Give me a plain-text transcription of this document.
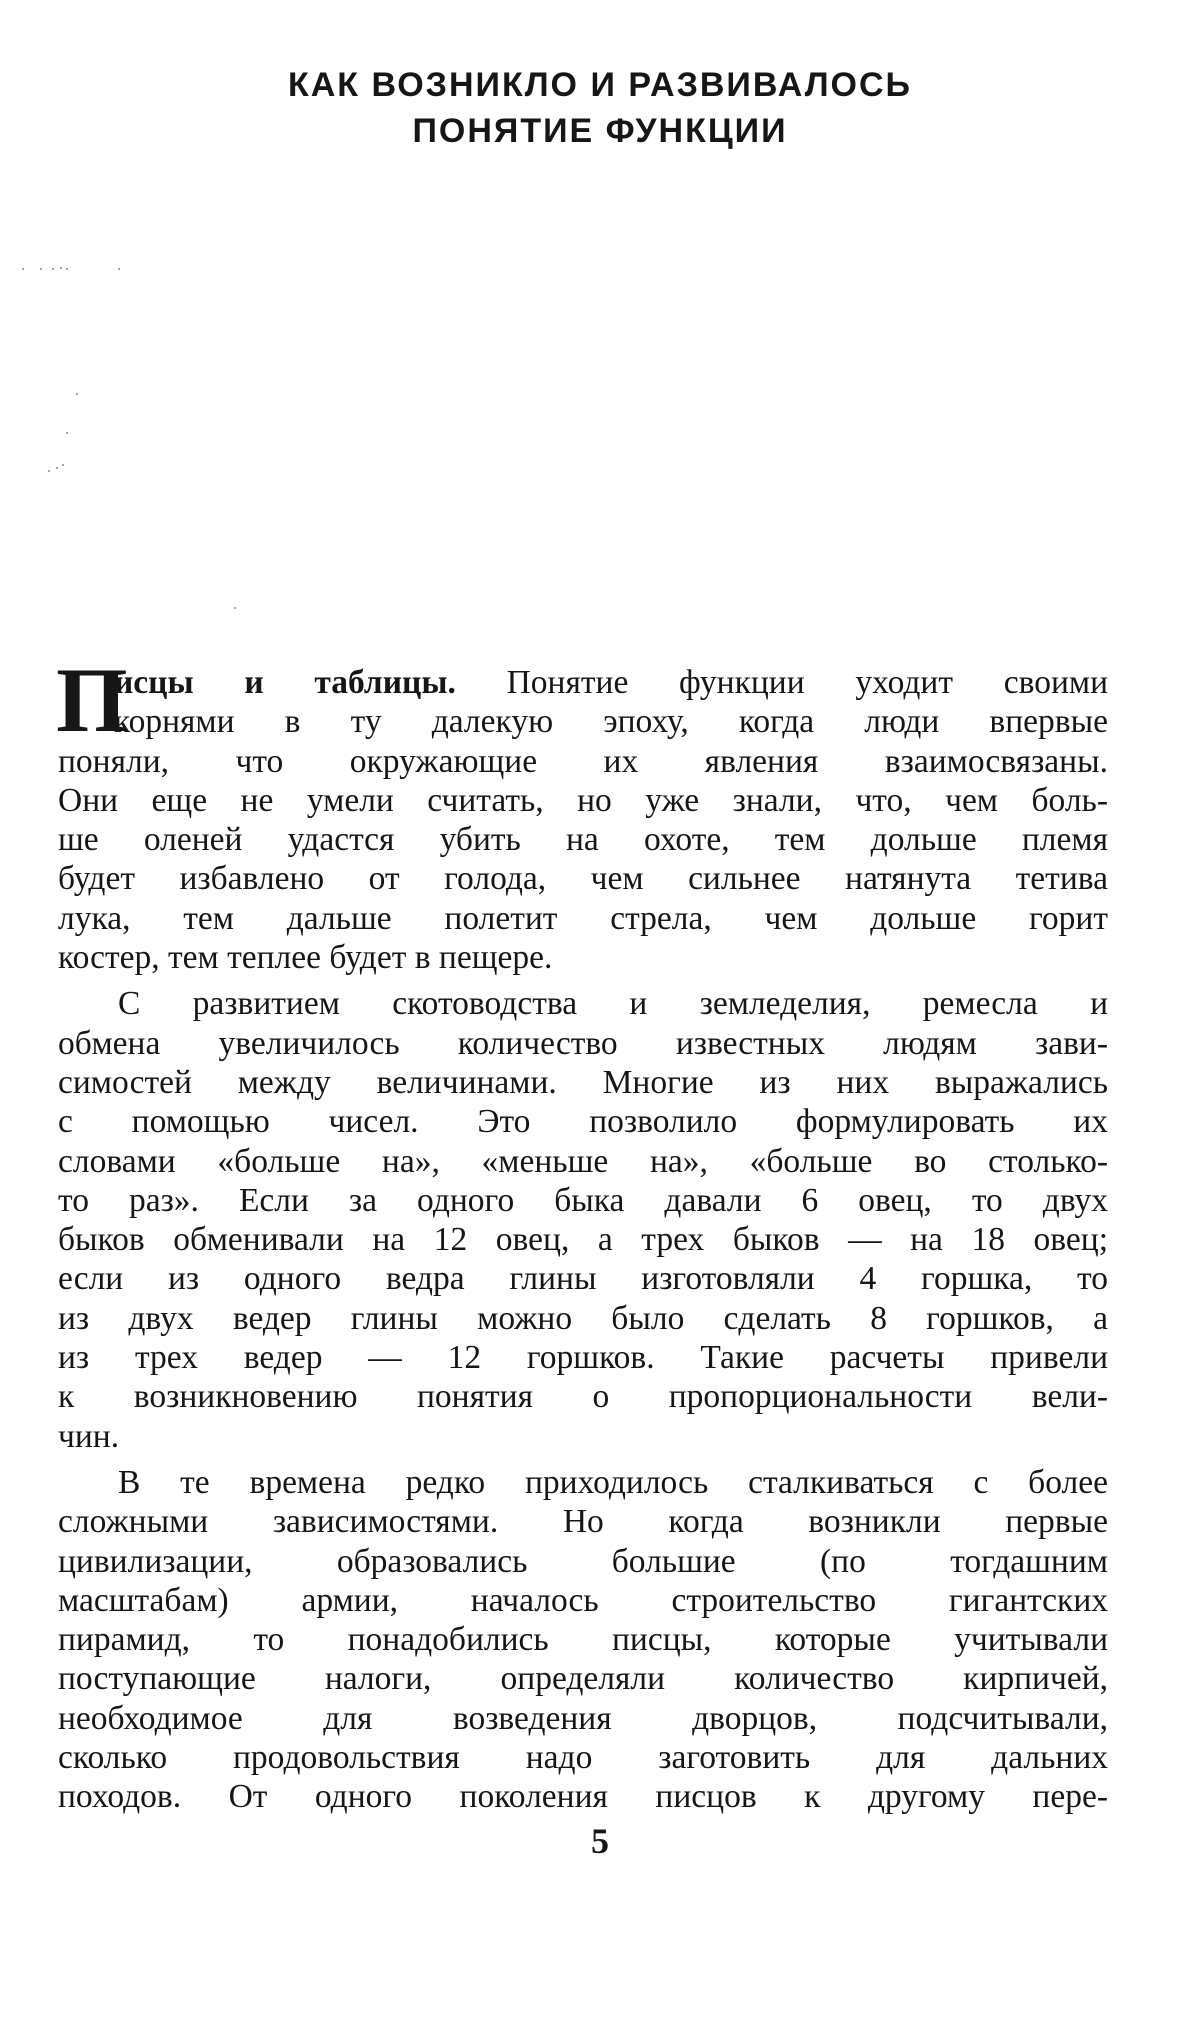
КАК ВОЗНИКЛО И РАЗВИВАЛОСЬ
ПОНЯТИЕ ФУНКЦИИ
П
исцы и таблицы. Понятие функции уходит своими
корнями в ту далекую эпоху, когда люди впервые
поняли, что окружающие их явления взаимосвязаны.
Они еще не умели считать, но уже знали, что, чем боль-
ше оленей удастся убить на охоте, тем дольше племя
будет избавлено от голода, чем сильнее натянута тетива
лука, тем дальше полетит стрела, чем дольше горит
костер, тем теплее будет в пещере.
С развитием скотоводства и земледелия, ремесла и
обмена увеличилось количество известных людям зави-
симостей между величинами. Многие из них выражались
с помощью чисел. Это позволило формулировать их
словами «больше на», «меньше на», «больше во столько-
то раз». Если за одного быка давали 6 овец, то двух
быков обменивали на 12 овец, а трех быков — на 18 овец;
если из одного ведра глины изготовляли 4 горшка, то
из двух ведер глины можно было сделать 8 горшков, а
из трех ведер — 12 горшков. Такие расчеты привели
к возникновению понятия о пропорциональности вели-
чин.
В те времена редко приходилось сталкиваться с более
сложными зависимостями. Но когда возникли первые
цивилизации, образовались большие (по тогдашним
масштабам) армии, началось строительство гигантских
пирамид, то понадобились писцы, которые учитывали
поступающие налоги, определяли количество кирпичей,
необходимое для возведения дворцов, подсчитывали,
сколько продовольствия надо заготовить для дальних
походов. От одного поколения писцов к другому пере-
5
